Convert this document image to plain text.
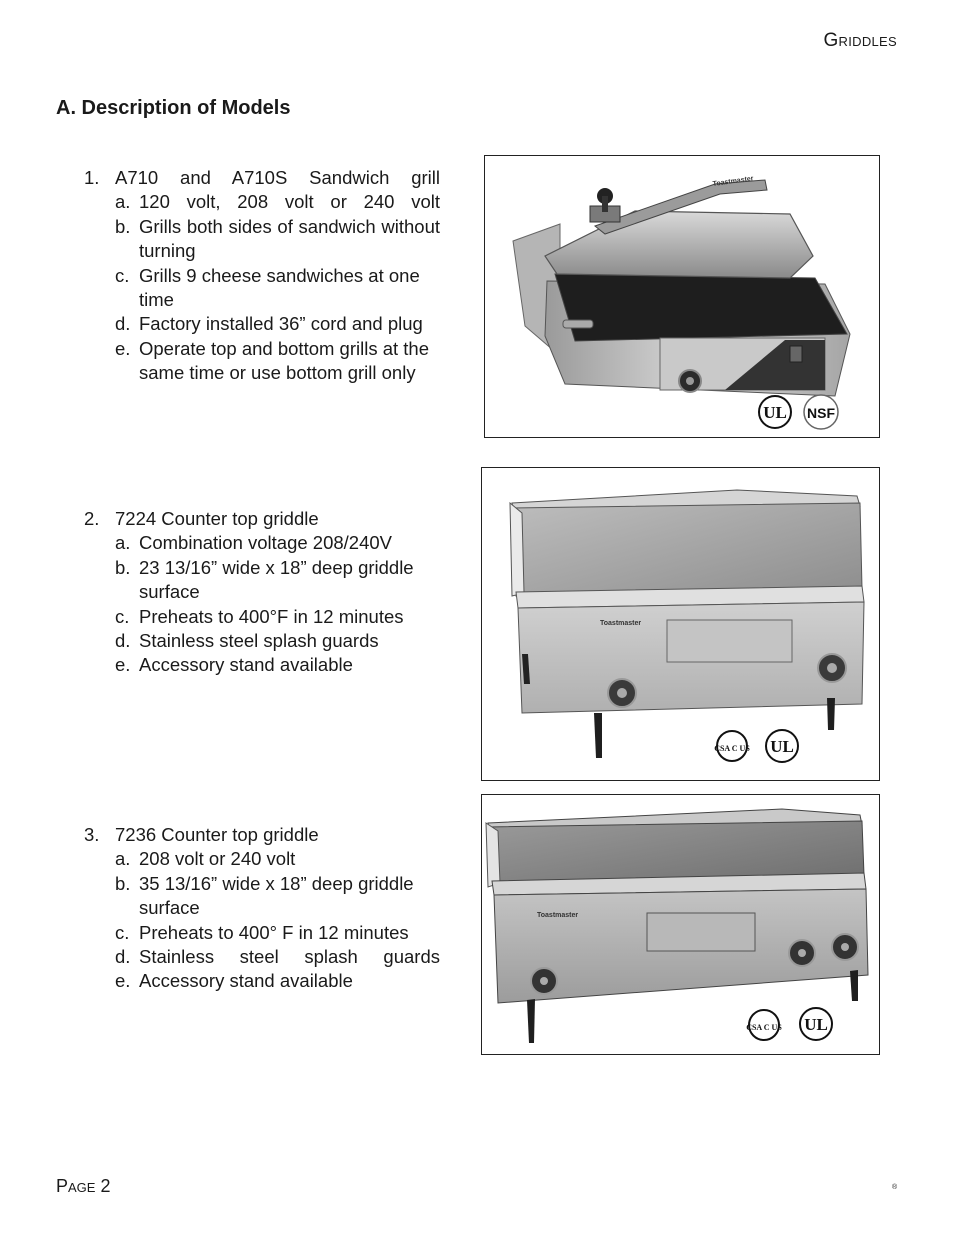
Griddles
A. Description of Models
1. A710 and A710S Sandwich grill
a. 120 volt, 208 volt or 240 volt
b. Grills both sides of sandwich without turning
c. Grills 9 cheese sandwiches at one time
d. Factory installed 36” cord and plug
e. Operate top and bottom grills at the same time or use bottom grill only
2. 7224 Counter top griddle
a. Combination voltage 208/240V
b. 23 13/16” wide x 18” deep griddle surface
c. Preheats to 400°F in 12 minutes
d. Stainless steel splash guards
e. Accessory stand available
3. 7236 Counter top griddle
a. 208 volt or 240 volt
b. 35 13/16” wide x 18” deep griddle surface
c. Preheats to 400° F in 12 minutes
d. Stainless steel splash guards
e. Accessory stand available
Toastmaster
UL NSF
Toastmaster
CSA C US UL
Toastmaster
CSA C US UL
Page 2	®
